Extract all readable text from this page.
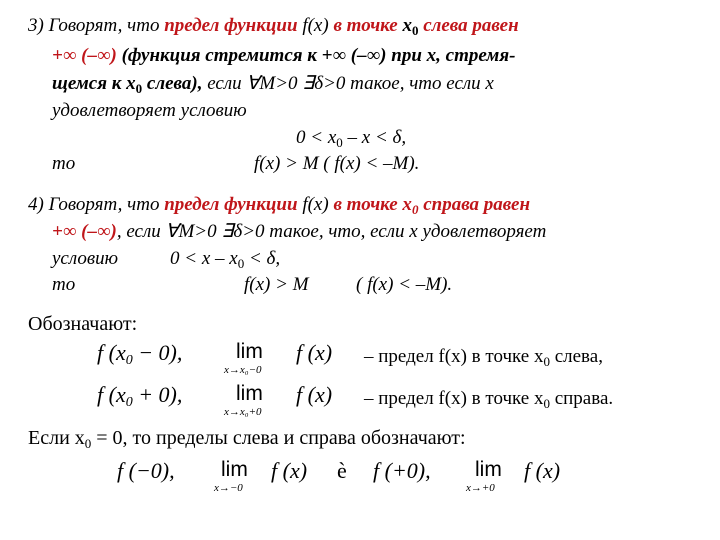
3) Говорят, что предел функции f(x) в точке $x_0$ слева равен
+∞ (–∞) (функция стремится к +∞ (–∞) при x, стремя-
щемся к $x_0$ слева), если ∀M>0 ∃δ>0 такое, что если x
удовлетворяет условию
$0 < x_0 - x < \delta$,
то	f(x) > M ( f(x) < –M).
4) Говорят, что предел функции f(x) в точке $x_0$ справа равен
+∞ (–∞), если ∀M>0 ∃δ>0 такое, что, если x удовлетворяет
условию	$0 < x - x_0 < \delta$,
то	f(x) > M ( f(x) < –M).
Обозначают:
f $(x_0 - 0)$,	lim
x→x₀−0
f (x) – предел f(x) в точке $x_0$ слева,
f $(x_0 + 0)$,	lim
x→x₀+0
f (x) – предел f(x) в точке $x_0$ справа.
Если $x_0 = 0$, то пределы слева и справа обозначают:
f (−0), lim
x→−0
f (x) è f (+0), lim
x→+0
f (x)
